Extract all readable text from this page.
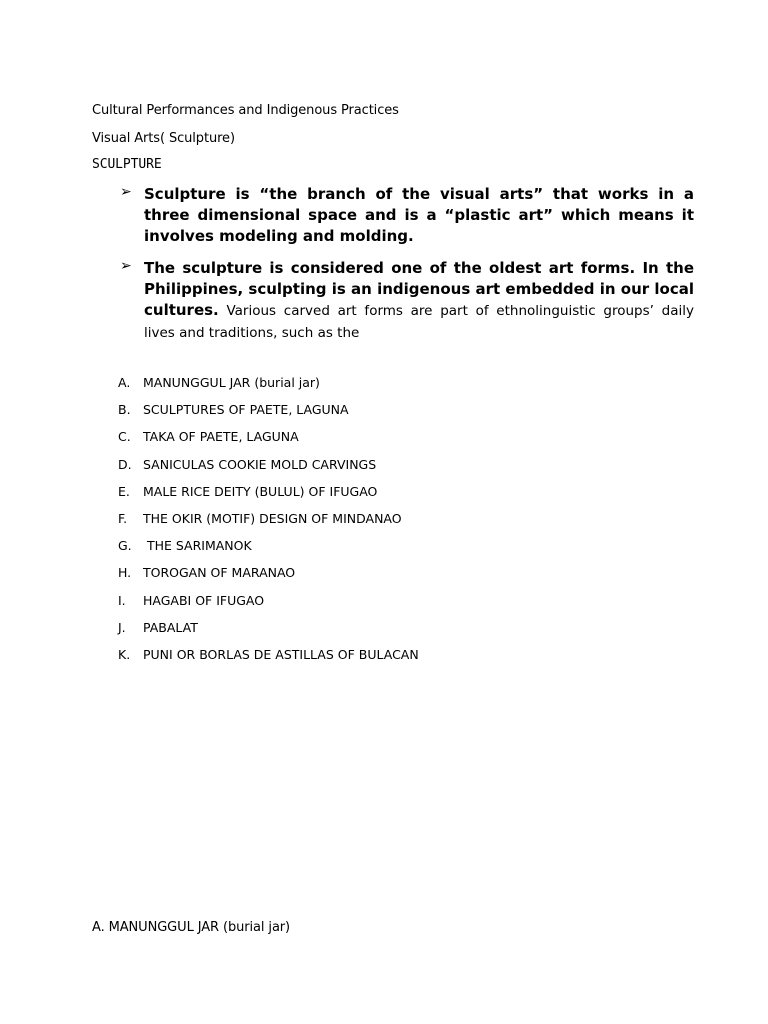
Cultural Performances and Indigenous Practices
Visual Arts( Sculpture)
SCULPTURE
➢ Sculpture is “the branch of the visual arts” that works in a three dimensional space and is a “plastic art” which means it involves modeling and molding.
➢ The sculpture is considered one of the oldest art forms. In the Philippines, sculpting is an indigenous art embedded in our local cultures. Various carved art forms are part of ethnolinguistic groups’ daily lives and traditions, such as the
A. MANUNGGUL JAR (burial jar)
B. SCULPTURES OF PAETE, LAGUNA
C. TAKA OF PAETE, LAGUNA
D. SANICULAS COOKIE MOLD CARVINGS
E. MALE RICE DEITY (BULUL) OF IFUGAO
F. THE OKIR (MOTIF) DESIGN OF MINDANAO
G. THE SARIMANOK
H. TOROGAN OF MARANAO
I. HAGABI OF IFUGAO
J. PABALAT
K. PUNI OR BORLAS DE ASTILLAS OF BULACAN
A. MANUNGGUL JAR (burial jar)
